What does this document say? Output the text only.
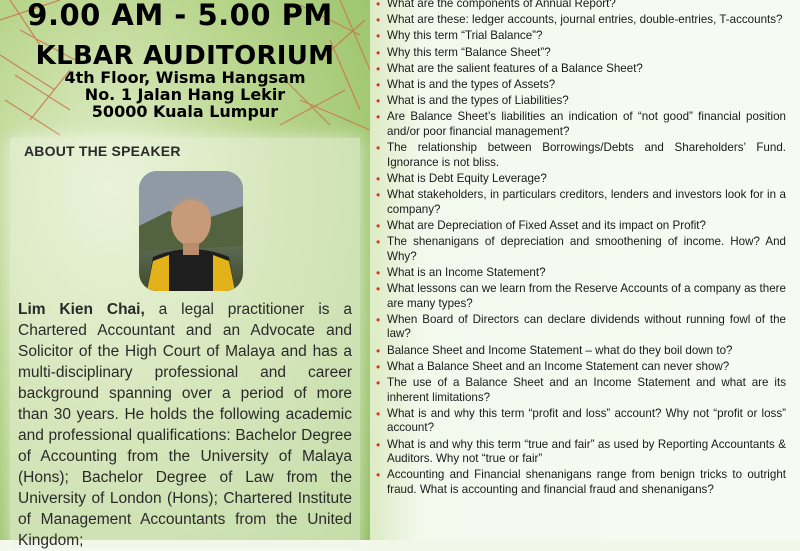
9.00 AM - 5.00 PM
KLBAR AUDITORIUM
4th Floor, Wisma Hangsam
No. 1 Jalan Hang Lekir
50000 Kuala Lumpur
ABOUT THE SPEAKER
Lim Kien Chai, a legal practitioner is a Chartered Accountant and an Advocate and Solicitor of the High Court of Malaya and has a multi-disciplinary professional and career background spanning over a period of more than 30 years. He holds the following academic and professional qualifications: Bachelor Degree of Accounting from the University of Malaya (Hons); Bachelor Degree of Law from the University of London (Hons); Chartered Institute of Management Accountants from the United Kingdom;
• What are the components of Annual Report?
• What are these: ledger accounts, journal entries, double-entries, T-accounts?
• Why this term “Trial Balance”?
• Why this term “Balance Sheet”?
• What are the salient features of a Balance Sheet?
• What is and the types of Assets?
• What is and the types of Liabilities?
• Are Balance Sheet’s liabilities an indication of “not good” financial position and/or poor financial management?
• The relationship between Borrowings/Debts and Shareholders’ Fund. Ignorance is not bliss.
• What is Debt Equity Leverage?
• What stakeholders, in particulars creditors, lenders and investors look for in a company?
• What are Depreciation of Fixed Asset and its impact on Profit?
• The shenanigans of depreciation and smoothening of income. How? And Why?
• What is an Income Statement?
• What lessons can we learn from the Reserve Accounts of a company as there are many types?
• When Board of Directors can declare dividends without running fowl of the law?
• Balance Sheet and Income Statement – what do they boil down to?
• What a Balance Sheet and an Income Statement can never show?
• The use of a Balance Sheet and an Income Statement and what are its inherent limitations?
• What is and why this term “profit and loss” account? Why not “profit or loss” account?
• What is and why this term “true and fair” as used by Reporting Accountants & Auditors. Why not “true or fair”
• Accounting and Financial shenanigans range from benign tricks to outright fraud. What is accounting and financial fraud and shenanigans?
